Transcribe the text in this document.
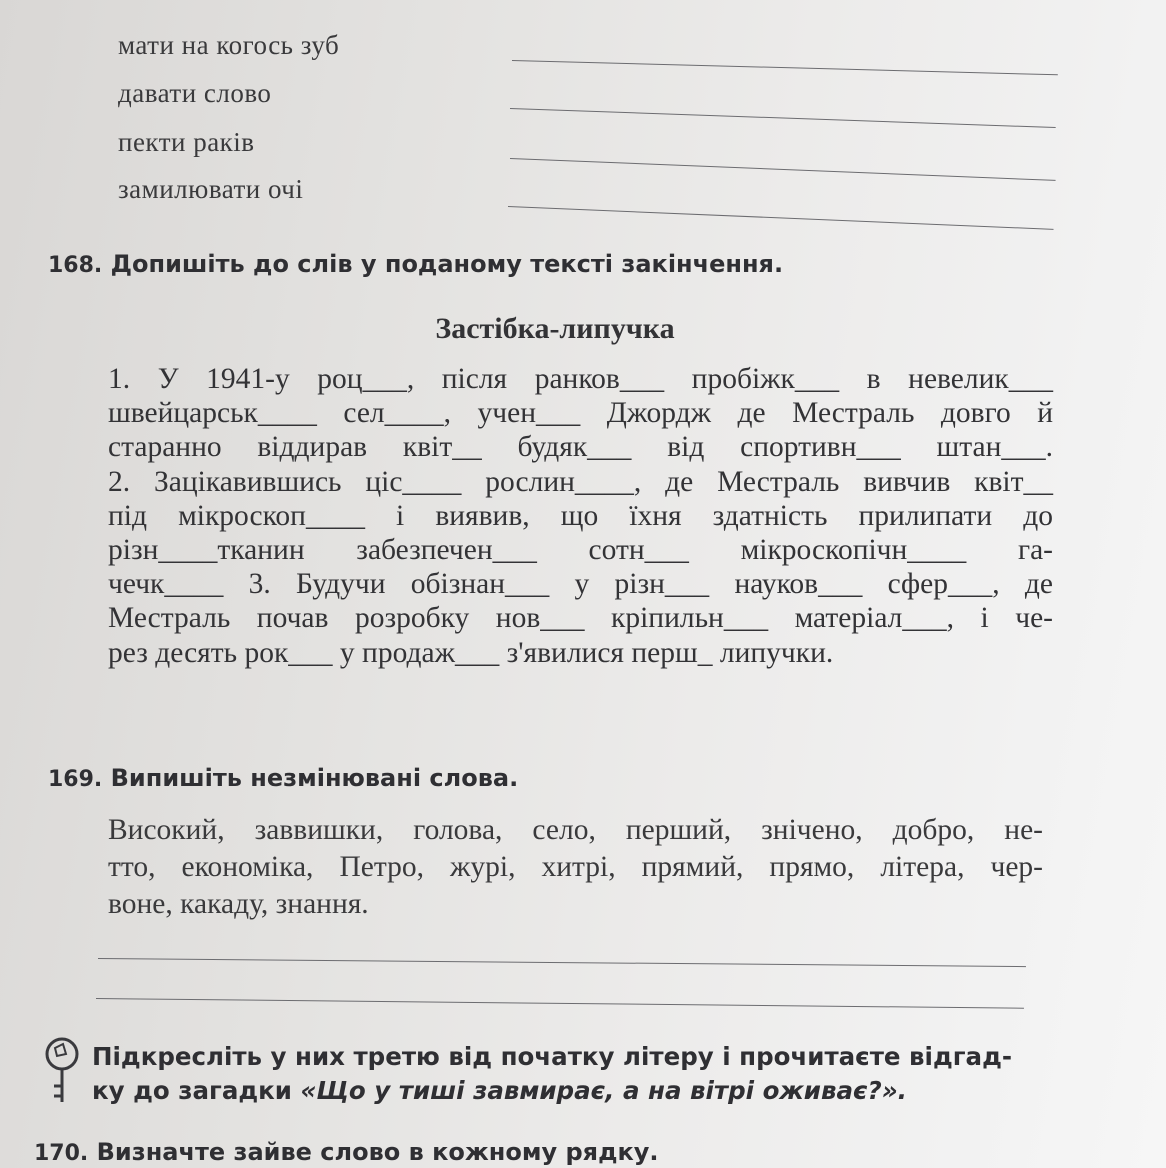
мати на когось зуб
давати слово
пекти раків
замилювати очі
168. Допишіть до слів у поданому тексті закінчення.
Застібка-липучка
1. У 1941-у роц___, після ранков___ пробіжк___ в невелик___
швейцарськ____ сел____, учен___ Джордж де Местраль довго й
старанно віддирав квіт__ будяк___ від спортивн___ штан___.
2. Зацікавившись ціс____ рослин____, де Местраль вивчив квіт__
під мікроскоп____ і виявив, що їхня здатність прилипати до
різн____тканин забезпечен___ сотн___ мікроскопічн____ га-
чечк____ 3. Будучи обізнан___ у різн___ науков___ сфер___, де
Местраль почав розробку нов___ кріпильн___ матеріал___, і че-
рез десять рок___ у продаж___ з'явилися перш_ липучки.
169. Випишіть незмінювані слова.
Високий, заввишки, голова, село, перший, знічено, добро, не-
тто, економіка, Петро, журі, хитрі, прямий, прямо, літера, чер-
воне, какаду, знання.
Підкресліть у них третю від початку літеру і прочитаєте відгад-
ку до загадки «Що у тиші завмирає, а на вітрі оживає?».
170. Визначте зайве слово в кожному рядку.
